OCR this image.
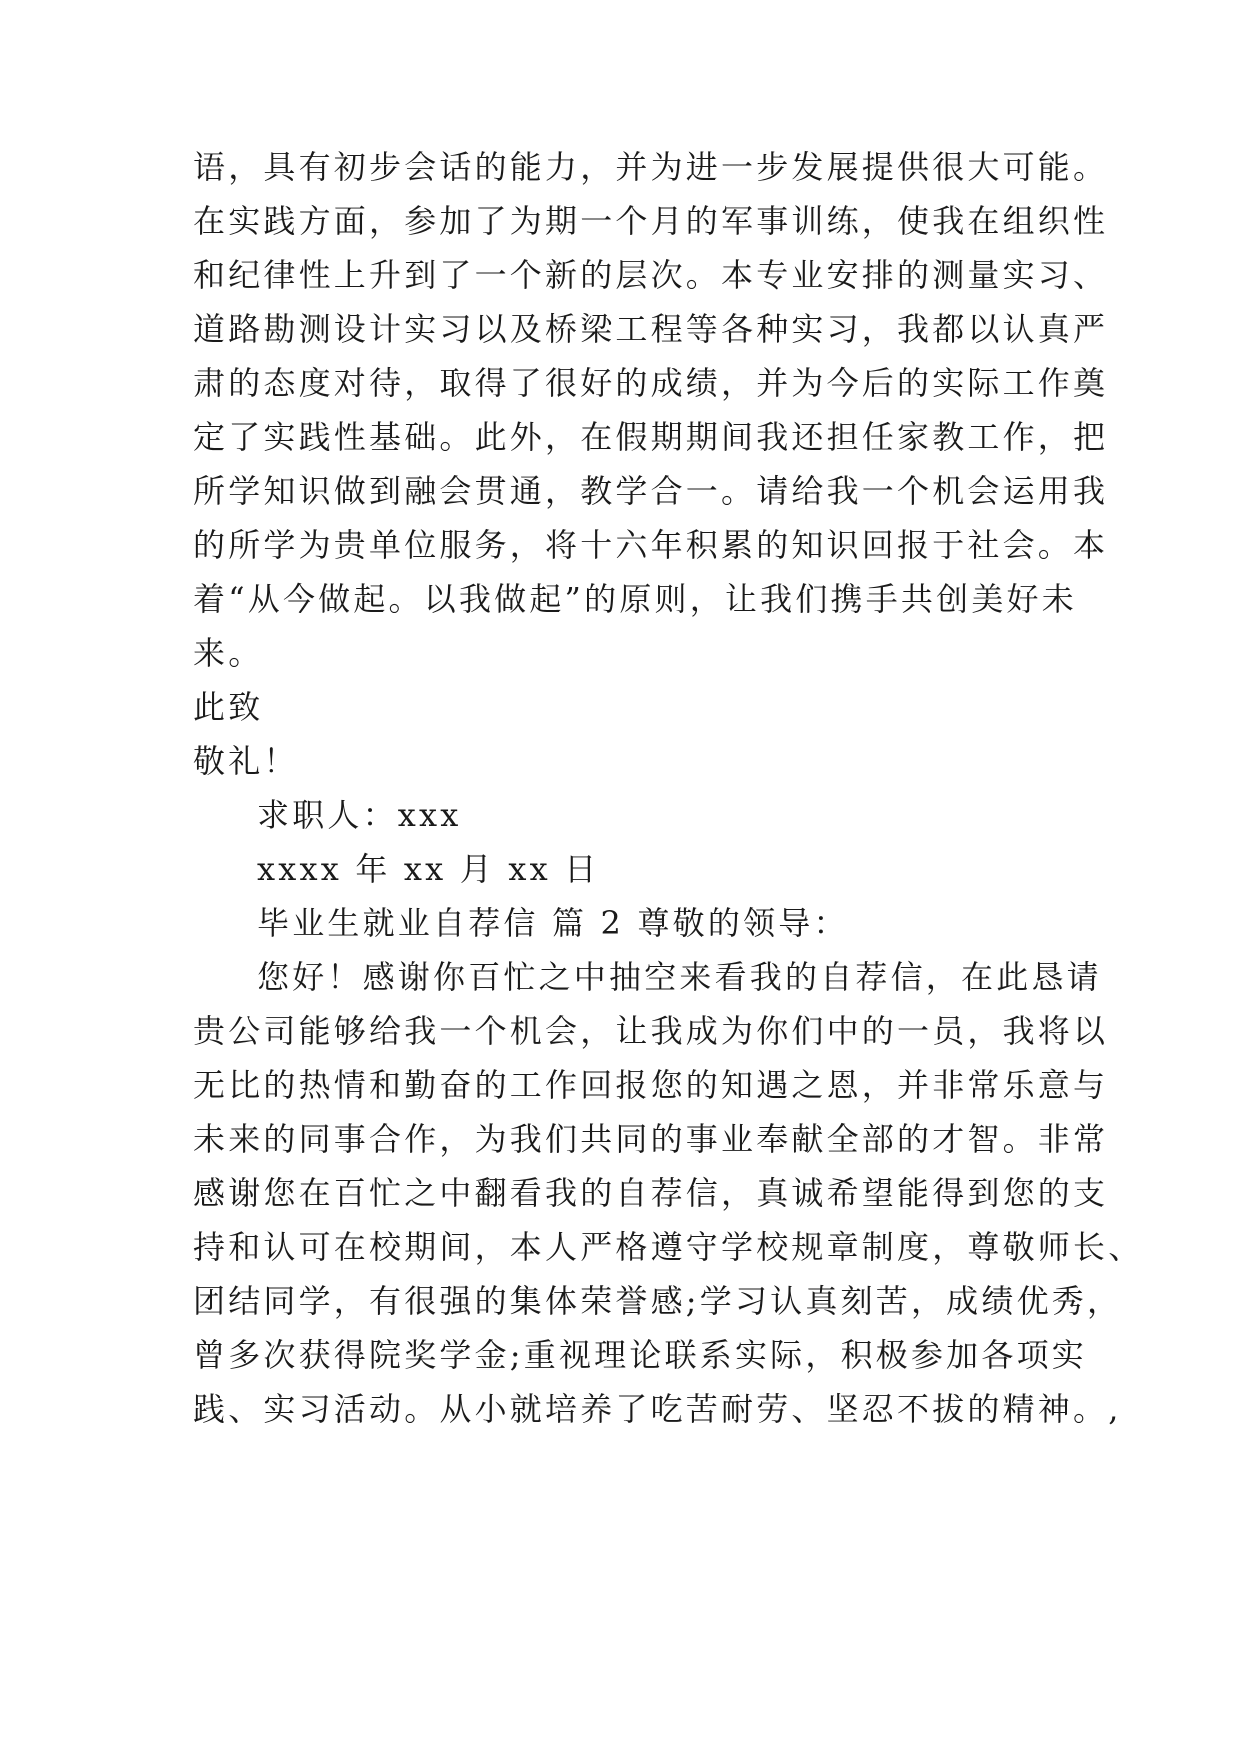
语，具有初步会话的能力，并为进一步发展提供很大可能。
在实践方面，参加了为期一个月的军事训练，使我在组织性
和纪律性上升到了一个新的层次。本专业安排的测量实习、
道路勘测设计实习以及桥梁工程等各种实习，我都以认真严
肃的态度对待，取得了很好的成绩，并为今后的实际工作奠
定了实践性基础。此外，在假期期间我还担任家教工作，把
所学知识做到融会贯通，教学合一。请给我一个机会运用我
的所学为贵单位服务，将十六年积累的知识回报于社会。本
着“从今做起。以我做起”的原则，让我们携手共创美好未
来。
此致
敬礼！
求职人：xxx
xxxx 年 xx 月 xx 日
毕业生就业自荐信 篇 2 尊敬的领导：
您好！感谢你百忙之中抽空来看我的自荐信，在此恳请
贵公司能够给我一个机会，让我成为你们中的一员，我将以
无比的热情和勤奋的工作回报您的知遇之恩，并非常乐意与
未来的同事合作，为我们共同的事业奉献全部的才智。非常
感谢您在百忙之中翻看我的自荐信，真诚希望能得到您的支
持和认可在校期间，本人严格遵守学校规章制度，尊敬师长、
团结同学，有很强的集体荣誉感;学习认真刻苦，成绩优秀，
曾多次获得院奖学金;重视理论联系实际，积极参加各项实
践、实习活动。从小就培养了吃苦耐劳、坚忍不拔的精神。,
